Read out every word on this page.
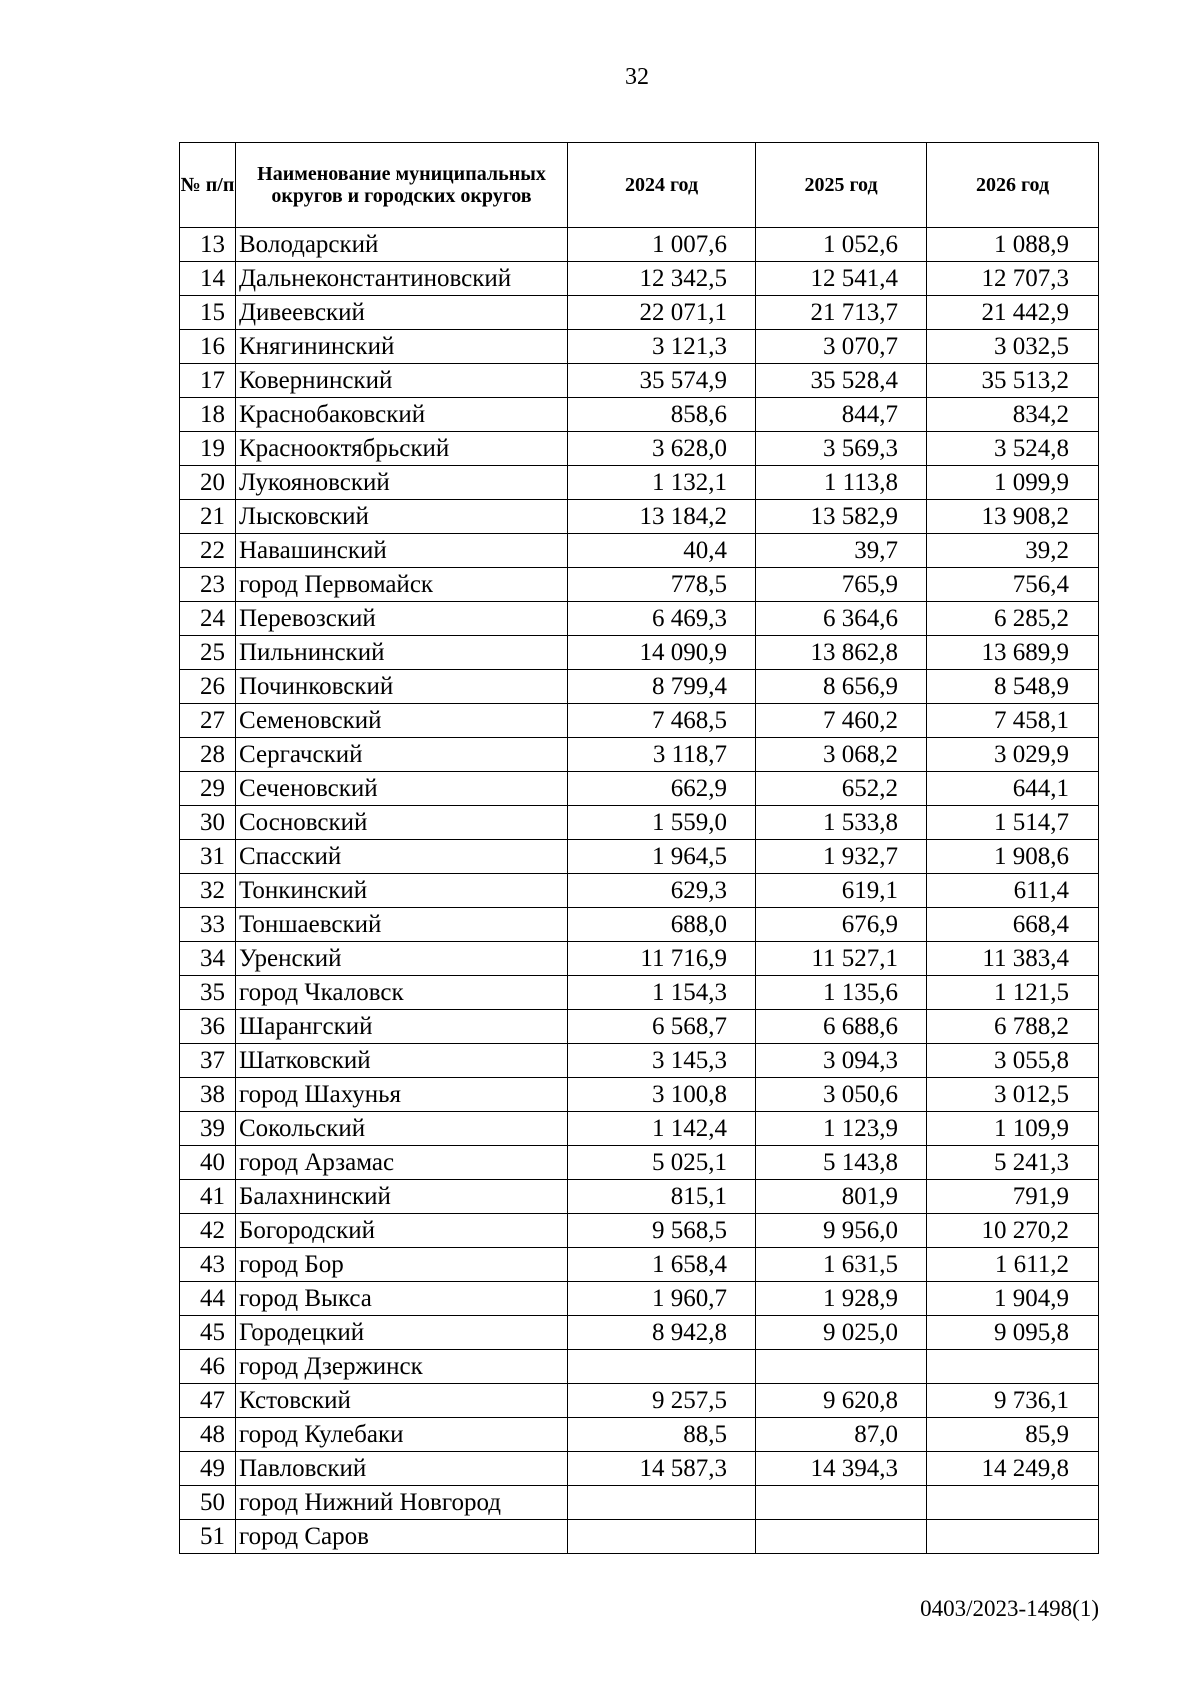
32
№ п/п	Наименование муниципальных округов и городских округов	2024 год	2025 год	2026 год
13	Володарский	1 007,6	1 052,6	1 088,9
14	Дальнеконстантиновский	12 342,5	12 541,4	12 707,3
15	Дивеевский	22 071,1	21 713,7	21 442,9
16	Княгининский	3 121,3	3 070,7	3 032,5
17	Ковернинский	35 574,9	35 528,4	35 513,2
18	Краснобаковский	858,6	844,7	834,2
19	Краснооктябрьский	3 628,0	3 569,3	3 524,8
20	Лукояновский	1 132,1	1 113,8	1 099,9
21	Лысковский	13 184,2	13 582,9	13 908,2
22	Навашинский	40,4	39,7	39,2
23	город Первомайск	778,5	765,9	756,4
24	Перевозский	6 469,3	6 364,6	6 285,2
25	Пильнинский	14 090,9	13 862,8	13 689,9
26	Починковский	8 799,4	8 656,9	8 548,9
27	Семеновский	7 468,5	7 460,2	7 458,1
28	Сергачский	3 118,7	3 068,2	3 029,9
29	Сеченовский	662,9	652,2	644,1
30	Сосновский	1 559,0	1 533,8	1 514,7
31	Спасский	1 964,5	1 932,7	1 908,6
32	Тонкинский	629,3	619,1	611,4
33	Тоншаевский	688,0	676,9	668,4
34	Уренский	11 716,9	11 527,1	11 383,4
35	город Чкаловск	1 154,3	1 135,6	1 121,5
36	Шарангский	6 568,7	6 688,6	6 788,2
37	Шатковский	3 145,3	3 094,3	3 055,8
38	город Шахунья	3 100,8	3 050,6	3 012,5
39	Сокольский	1 142,4	1 123,9	1 109,9
40	город Арзамас	5 025,1	5 143,8	5 241,3
41	Балахнинский	815,1	801,9	791,9
42	Богородский	9 568,5	9 956,0	10 270,2
43	город Бор	1 658,4	1 631,5	1 611,2
44	город Выкса	1 960,7	1 928,9	1 904,9
45	Городецкий	8 942,8	9 025,0	9 095,8
46	город Дзержинск			
47	Кстовский	9 257,5	9 620,8	9 736,1
48	город Кулебаки	88,5	87,0	85,9
49	Павловский	14 587,3	14 394,3	14 249,8
50	город Нижний Новгород			
51	город Саров			
0403/2023-1498(1)
